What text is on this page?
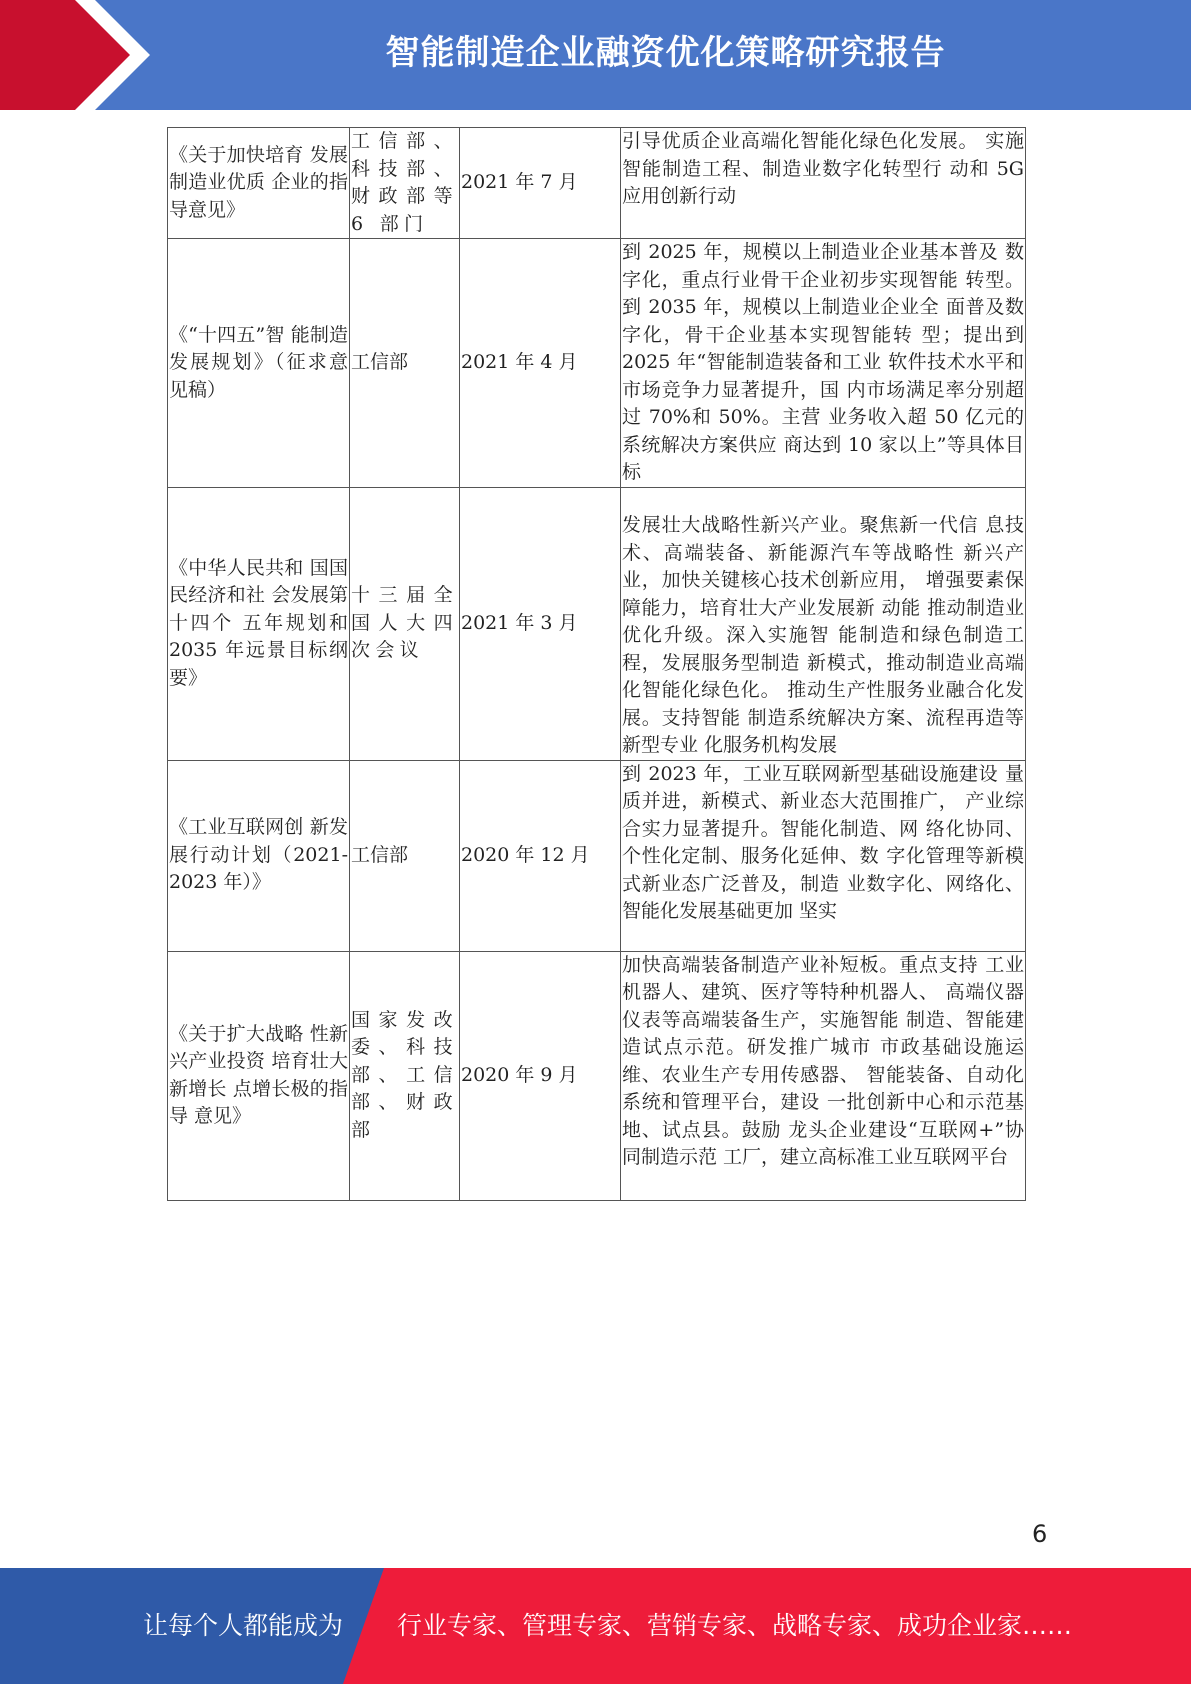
智能制造企业融资优化策略研究报告
《关于加快培育 发展制造业优质 企业的指导意见》	工信部、科技部、财政部等 6 部门	2021 年 7 月	引导优质企业高端化智能化绿色化发展。 实施智能制造工程、制造业数字化转型行 动和 5G 应用创新行动
《“十四五”智 能制造发展规划》（征求意见稿）	工信部	2021 年 4 月	到 2025 年，规模以上制造业企业基本普及 数字化，重点行业骨干企业初步实现智能 转型。到 2035 年，规模以上制造业企业全 面普及数字化，骨干企业基本实现智能转 型；提出到 2025 年“智能制造装备和工业 软件技术水平和市场竞争力显著提升，国 内市场满足率分别超过 70%和 50%。主营 业务收入超 50 亿元的系统解决方案供应 商达到 10 家以上”等具体目标
《中华人民共和 国国民经济和社 会发展第十四个 五年规划和 2035 年远景目标纲要》	十三届全国人大四次会议	2021 年 3 月	发展壮大战略性新兴产业。聚焦新一代信 息技术、高端装备、新能源汽车等战略性 新兴产业，加快关键核心技术创新应用， 增强要素保障能力，培育壮大产业发展新 动能 推动制造业优化升级。深入实施智 能制造和绿色制造工程，发展服务型制造 新模式，推动制造业高端化智能化绿色化。 推动生产性服务业融合化发展。支持智能 制造系统解决方案、流程再造等新型专业 化服务机构发展
《工业互联网创 新发展行动计划（2021-2023 年）》	工信部	2020 年 12 月	到 2023 年，工业互联网新型基础设施建设 量质并进，新模式、新业态大范围推广， 产业综合实力显著提升。智能化制造、网 络化协同、个性化定制、服务化延伸、数 字化管理等新模式新业态广泛普及，制造 业数字化、网络化、智能化发展基础更加 坚实
《关于扩大战略 性新兴产业投资 培育壮大新增长 点增长极的指导 意见》	国家发改委、科技部、工信部、财政部	2020 年 9 月	加快高端装备制造产业补短板。重点支持 工业机器人、建筑、医疗等特种机器人、 高端仪器仪表等高端装备生产，实施智能 制造、智能建造试点示范。研发推广城市 市政基础设施运维、农业生产专用传感器、 智能装备、自动化系统和管理平台，建设 一批创新中心和示范基地、试点县。鼓励 龙头企业建设“互联网+”协同制造示范 工厂，建立高标准工业互联网平台
6
让每个人都能成为 行业专家、管理专家、营销专家、战略专家、成功企业家……
